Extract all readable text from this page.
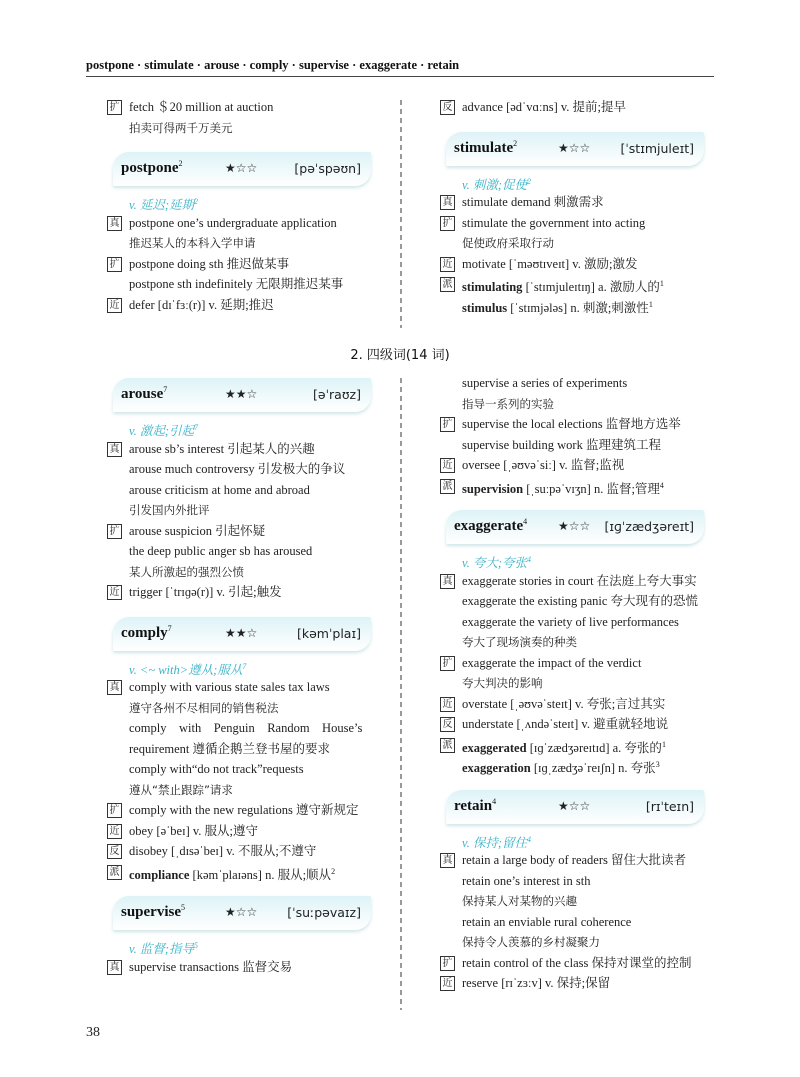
postpone · stimulate · arouse · comply · supervise · exaggerate · retain
扩 fetch ＄20 million at auction
拍卖可得两千万美元
postpone$^2$	★☆☆	[pəˈspəʊn]
v. 延迟;延期$^2$
真 postpone one’s undergraduate application
推迟某人的本科入学申请
扩 postpone doing sth 推迟做某事
postpone sth indefinitely 无限期推迟某事
近 defer [dɪˈfɜː(r)] v. 延期;推迟
反 advance [ədˈvɑːns] v. 提前;提早
stimulate$^2$	★☆☆ [ˈstɪmjuleɪt]
v. 刺激;促使$^2$
真 stimulate demand 刺激需求
扩 stimulate the government into acting
促使政府采取行动
近 motivate [ˈməʊtɪveɪt] v. 激励;激发
派 stimulating [ˈstɪmjuleɪtɪŋ] a. 激励人的$^1$
stimulus [ˈstɪmjələs] n. 刺激;刺激性$^1$
2. 四级词(14 词)
arouse$^7$	★★☆	[əˈraʊz]
v. 激起;引起$^7$
真 arouse sb’s interest 引起某人的兴趣
arouse much controversy 引发极大的争议
arouse criticism at home and abroad
引发国内外批评
扩 arouse suspicion 引起怀疑
the deep public anger sb has aroused
某人所激起的强烈公愤
近 trigger [ˈtrɪɡə(r)] v. 引起;触发
comply$^7$	★★☆	[kəmˈplaɪ]
v. <~ with>遵从;服从$^7$
真 comply with various state sales tax laws
遵守各州不尽相同的销售税法
comply    with    Penguin    Random    House’s
requirement 遵循企鹅兰登书屋的要求
comply with“do not track”requests
遵从“禁止跟踪”请求
扩 comply with the new regulations 遵守新规定
近 obey [əˈbeɪ] v. 服从;遵守
反 disobey [ˌdɪsəˈbeɪ] v. 不服从;不遵守
派 compliance [kəmˈplaɪəns] n. 服从;顺从$^2$
supervise$^5$	★☆☆ [ˈsuːpəvaɪz]
v. 监督;指导$^5$
真 supervise transactions 监督交易
supervise a series of experiments
指导一系列的实验
扩 supervise the local elections 监督地方选举
supervise building work 监理建筑工程
近 oversee [ˌəʊvəˈsiː] v. 监督;监视
派 supervision [ˌsuːpəˈvɪʒn] n. 监督;管理$^4$
exaggerate$^4$	★☆☆ [ɪɡˈzædʒəreɪt]
v. 夸大;夸张$^4$
真 exaggerate stories in court 在法庭上夸大事实
exaggerate the existing panic 夸大现有的恐慌
exaggerate the variety of live performances
夸大了现场演奏的种类
扩 exaggerate the impact of the verdict
夸大判决的影响
近 overstate [ˌəʊvəˈsteɪt] v. 夸张;言过其实
反 understate [ˌʌndəˈsteɪt] v. 避重就轻地说
派 exaggerated [ɪɡˈzædʒəreɪtɪd] a. 夸张的$^1$
exaggeration [ɪɡˌzædʒəˈreɪʃn] n. 夸张$^3$
retain$^4$	★☆☆	[rɪˈteɪn]
v. 保持;留住$^4$
真 retain a large body of readers 留住大批读者
retain one’s interest in sth
保持某人对某物的兴趣
retain an enviable rural coherence
保持令人羡慕的乡村凝聚力
扩 retain control of the class 保持对课堂的控制
近 reserve [rɪˈzɜːv] v. 保持;保留
38
